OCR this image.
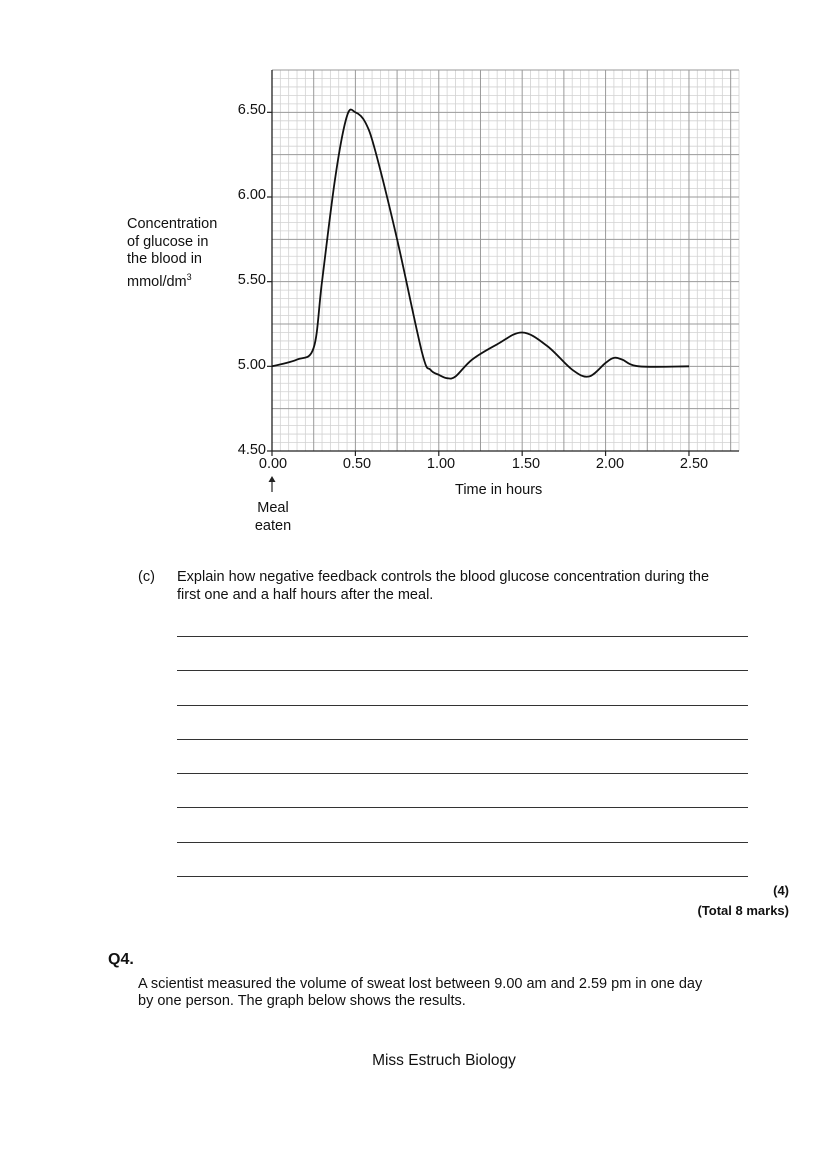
Concentration
of glucose in
the blood in
mmol/$dm^3$
6.50
6.00
5.50
5.00
4.50
0.00	0.50	1.00	1.50	2.00	2.50
Time in hours
Meal
eaten
(c) Explain how negative feedback controls the blood glucose concentration during the
first one and a half hours after the meal.
(4)
(Total 8 marks)
Q4.
A scientist measured the volume of sweat lost between 9.00 am and 2.59 pm in one day
by one person. The graph below shows the results.
Miss Estruch Biology
